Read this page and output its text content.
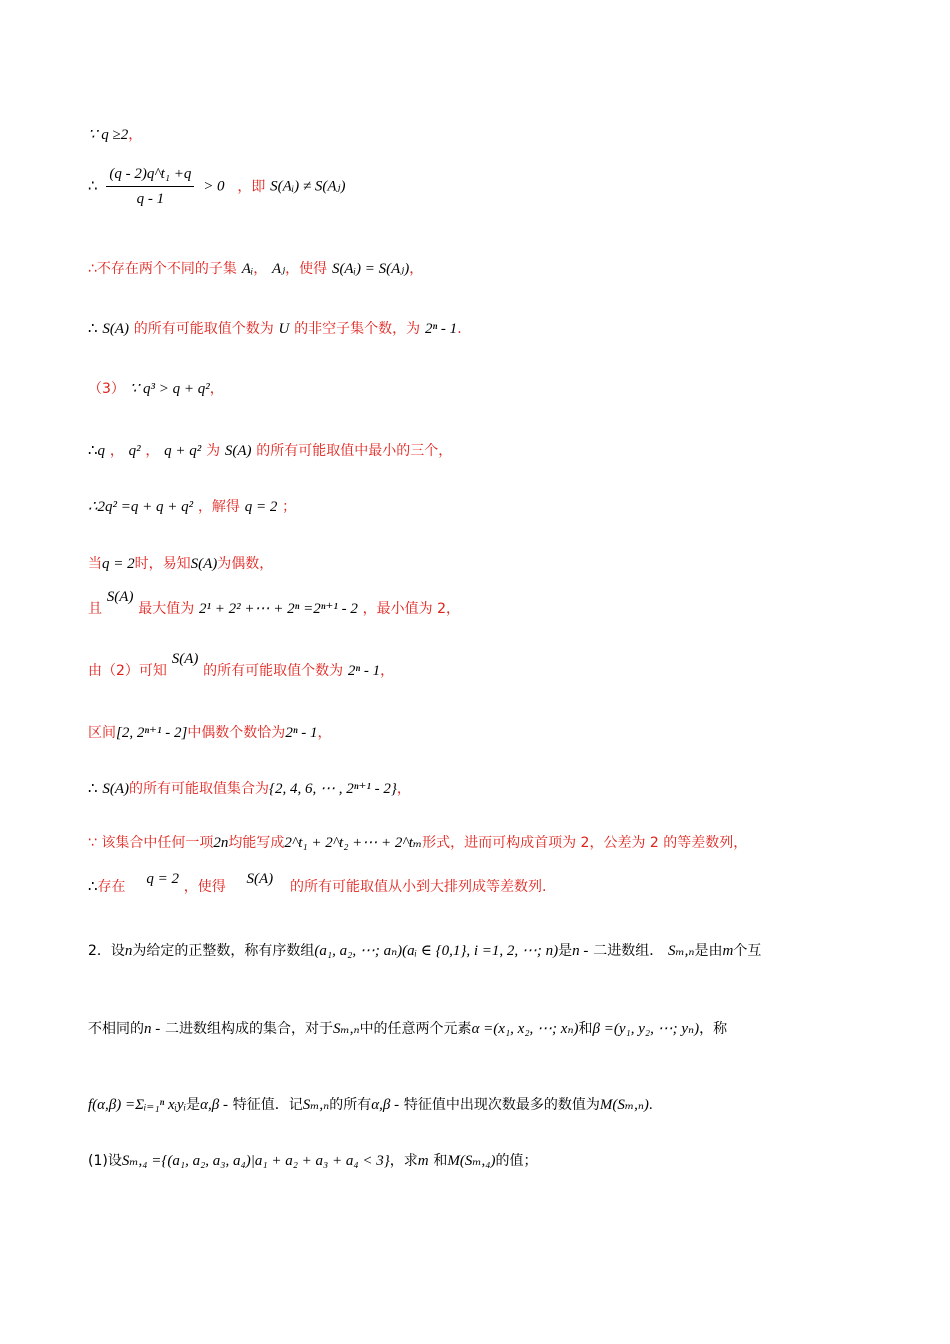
∵ q ≥2，
∴ $\frac{\text{(q - 2)q\textasciicircum{}t₁ +q}}{q - 1} > 0$ ，即 S(Aᵢ) ≠ S(Aⱼ)
∴不存在两个不同的子集 Aᵢ， Aⱼ，使得 S(Aᵢ) = S(Aⱼ)，
∴ S(A) 的所有可能取值个数为 U 的非空子集个数，为 2ⁿ - 1.
（3） ∵ q³ > q + q²，
∴q ， q² ， q + q² 为 S(A) 的所有可能取值中最小的三个，
∴2q² =q + q + q² ，解得 q = 2 ；
当q = 2时，易知S(A)为偶数，
且 S(A) 最大值为 2¹ + 2² +⋯ + 2ⁿ =2ⁿ⁺¹ - 2 ，最小值为 2，
由（2）可知 S(A) 的所有可能取值个数为 2ⁿ - 1，
区间[2, 2ⁿ⁺¹ - 2]中偶数个数恰为2ⁿ - 1，
∴ S(A)的所有可能取值集合为{2, 4, 6, ⋯ , 2ⁿ⁺¹ - 2}，
∵ 该集合中任何一项2n均能写成2^t₁ + 2^t₂ +⋯ + 2^tₘ形式，进而可构成首项为 2，公差为 2 的等差数列，
∴存在 q = 2 ，使得 S(A) 的所有可能取值从小到大排列成等差数列.
2．设n为给定的正整数，称有序数组(a₁, a₂, ⋯; aₙ)(aᵢ ∈ {0,1}, i =1, 2, ⋯; n)是n - 二进数组． Sₘ,ₙ是由m个互
不相同的n - 二进数组构成的集合，对于Sₘ,ₙ中的任意两个元素α =(x₁, x₂, ⋯; xₙ)和β =(y₁, y₂, ⋯; yₙ)，称
f(α,β) =Σᵢ₌₁ⁿ xᵢyᵢ是α,β - 特征值．记Sₘ,ₙ的所有α,β - 特征值中出现次数最多的数值为M(Sₘ,ₙ).
(1)设Sₘ,₄ ={(a₁, a₂, a₃, a₄)|a₁ + a₂ + a₃ + a₄ < 3}，求m 和M(Sₘ,₄)的值；
